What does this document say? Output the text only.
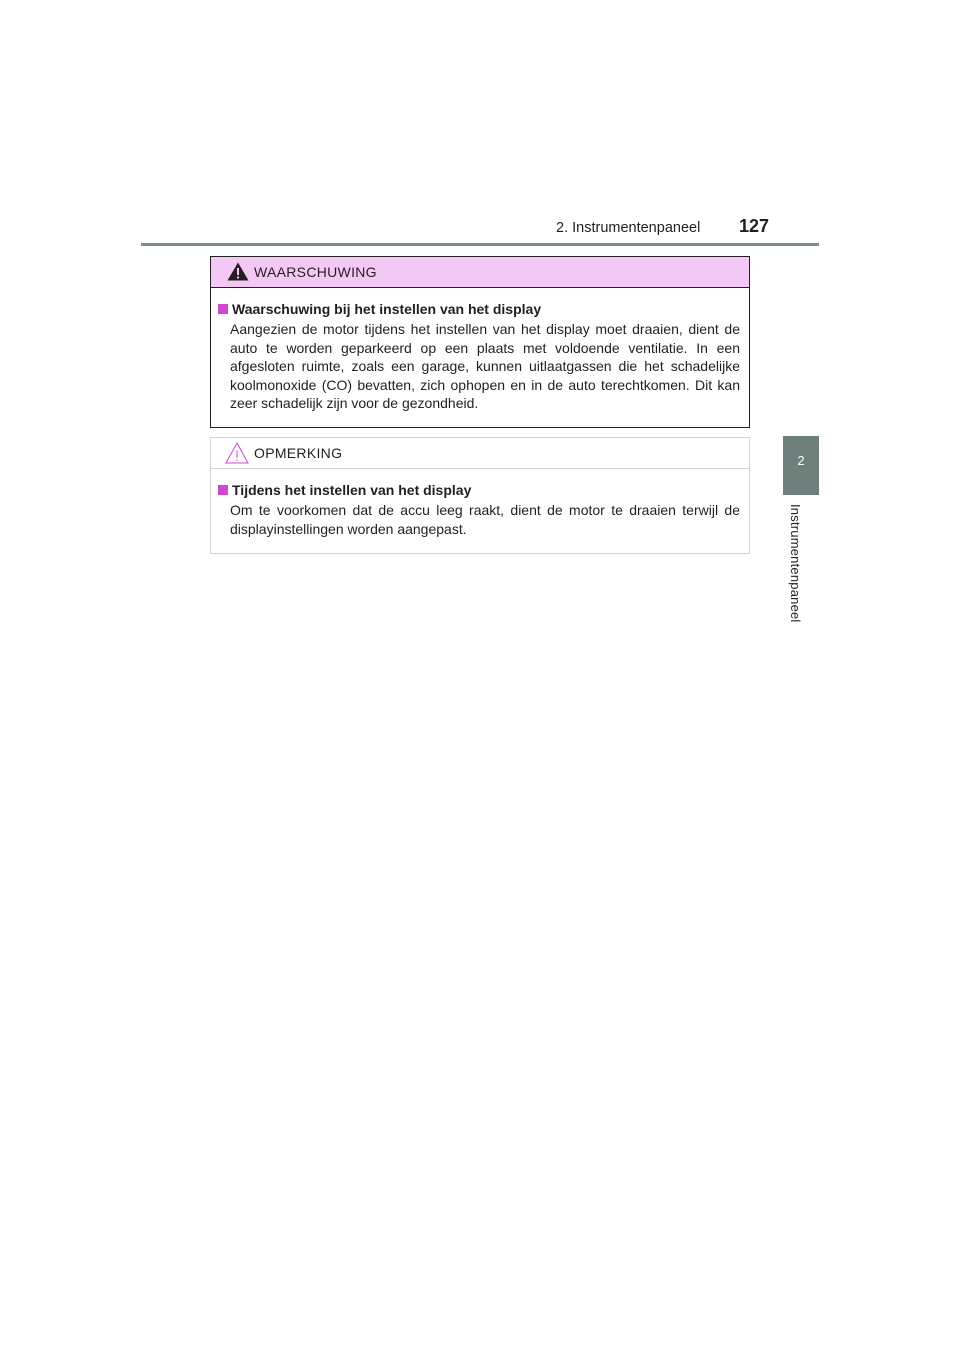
2. Instrumentenpaneel 127
2
Instrumentenpaneel
WAARSCHUWING
Waarschuwing bij het instellen van het display
Aangezien de motor tijdens het instellen van het display moet draaien, dient de auto te worden geparkeerd op een plaats met voldoende ventilatie. In een afgesloten ruimte, zoals een garage, kunnen uitlaatgassen die het schadelijke koolmonoxide (CO) bevatten, zich ophopen en in de auto terechtkomen. Dit kan zeer schadelijk zijn voor de gezondheid.
OPMERKING
Tijdens het instellen van het display
Om te voorkomen dat de accu leeg raakt, dient de motor te draaien terwijl de displayinstellingen worden aangepast.
